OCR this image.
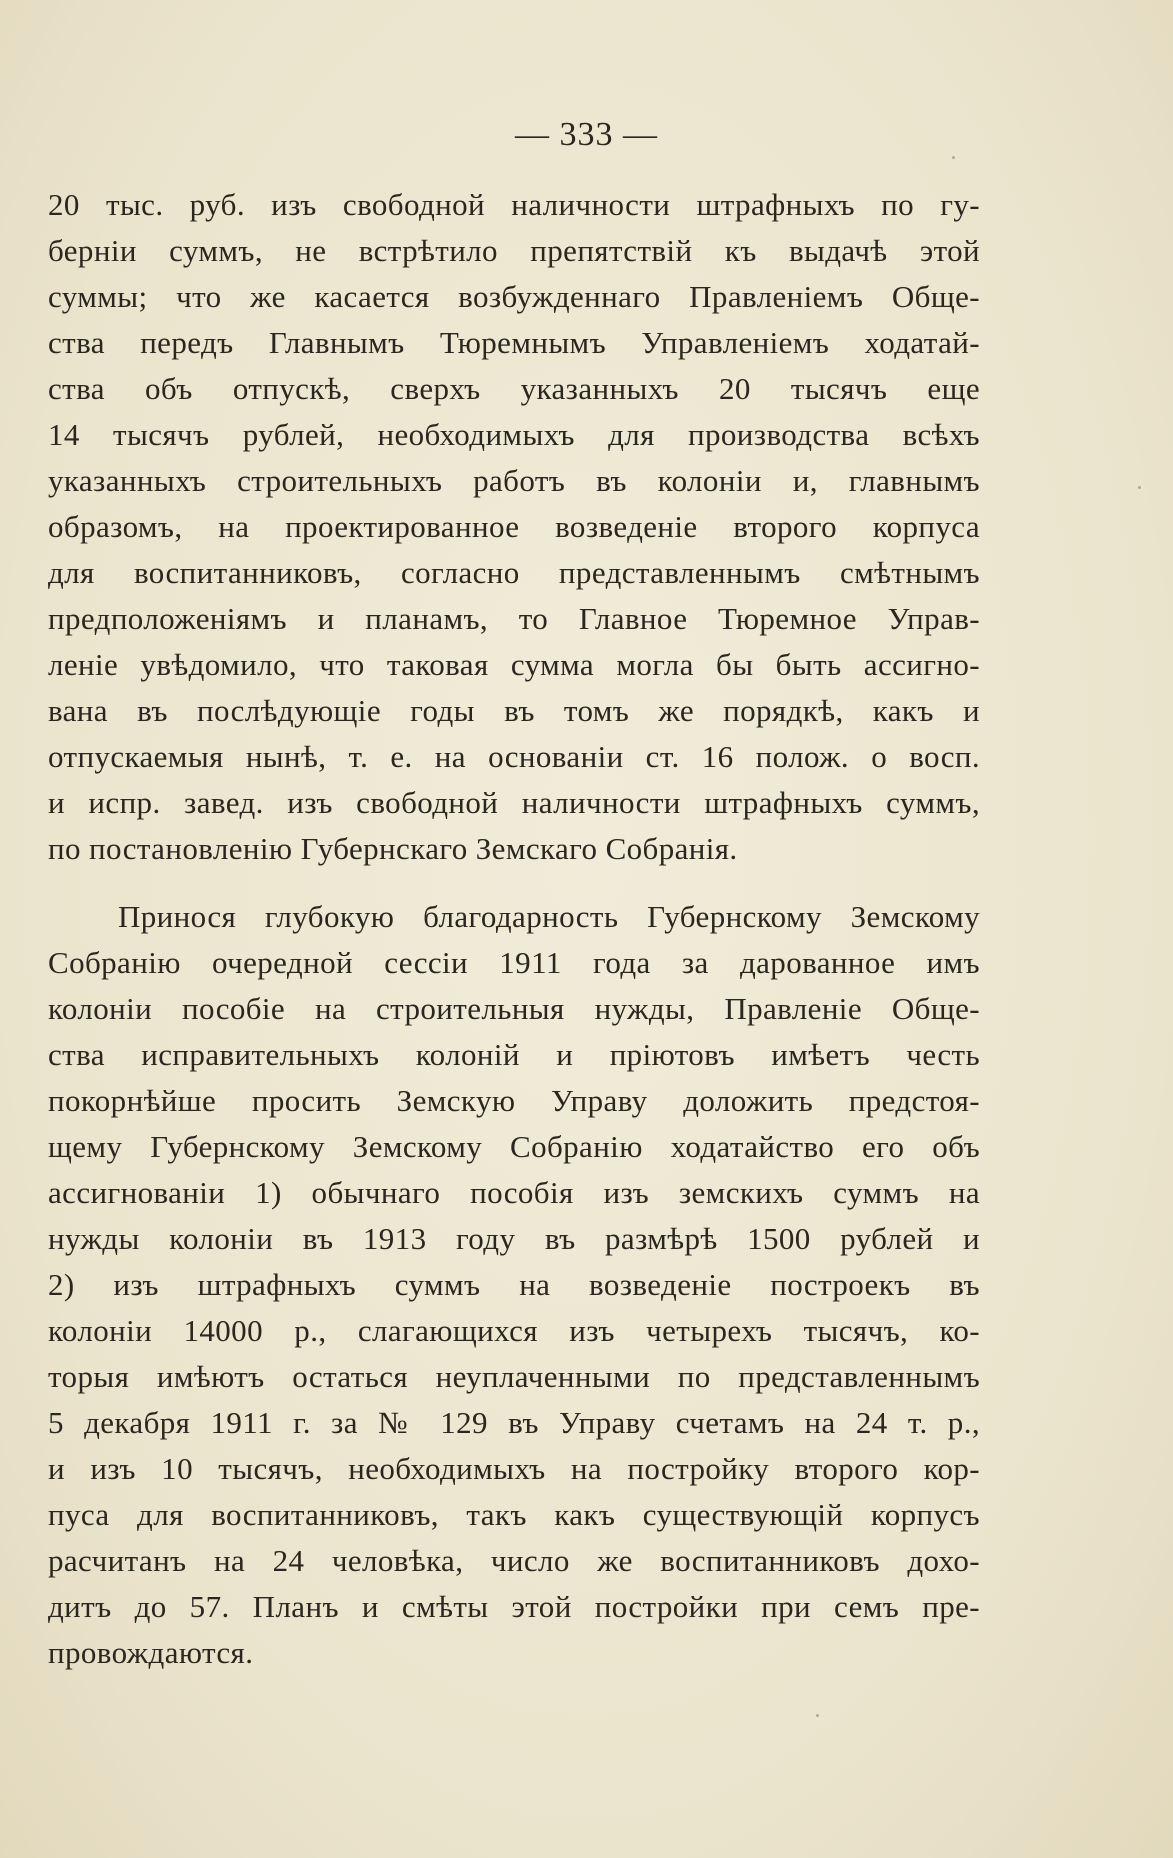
— 333 —
20 тыс. руб. изъ свободной наличности штрафныхъ по гу-
берніи суммъ, не встрѣтило препятствій къ выдачѣ этой
суммы; что же касается возбужденнаго Правленіемъ Обще-
ства передъ Главнымъ Тюремнымъ Управленіемъ ходатай-
ства объ отпускѣ, сверхъ указанныхъ 20 тысячъ еще
14 тысячъ рублей, необходимыхъ для производства всѣхъ
указанныхъ строительныхъ работъ въ колоніи и, главнымъ
образомъ, на проектированное возведеніе второго корпуса
для воспитанниковъ, согласно представленнымъ смѣтнымъ
предположеніямъ и планамъ, то Главное Тюремное Управ-
леніе увѣдомило, что таковая сумма могла бы быть ассигно-
вана въ послѣдующіе годы въ томъ же порядкѣ, какъ и
отпускаемыя нынѣ, т. е. на основаніи ст. 16 полож. о восп.
и испр. завед. изъ свободной наличности штрафныхъ суммъ,
по постановленію Губернскаго Земскаго Собранія.
Принося глубокую благодарность Губернскому Земскому
Собранію очередной сессіи 1911 года за дарованное имъ
колоніи пособіе на строительныя нужды, Правленіе Обще-
ства исправительныхъ колоній и пріютовъ имѣетъ честь
покорнѣйше просить Земскую Управу доложить предстоя-
щему Губернскому Земскому Собранію ходатайство его объ
ассигнованіи 1) обычнаго пособія изъ земскихъ суммъ на
нужды колоніи въ 1913 году въ размѣрѣ 1500 рублей и
2) изъ штрафныхъ суммъ на возведеніе построекъ въ
колоніи 14000 р., слагающихся изъ четырехъ тысячъ, ко-
торыя имѣютъ остаться неуплаченными по представленнымъ
5 декабря 1911 г. за № 129 въ Управу счетамъ на 24 т. р.,
и изъ 10 тысячъ, необходимыхъ на постройку второго кор-
пуса для воспитанниковъ, такъ какъ существующій корпусъ
расчитанъ на 24 человѣка, число же воспитанниковъ дохо-
дитъ до 57. Планъ и смѣты этой постройки при семъ пре-
провождаются.
